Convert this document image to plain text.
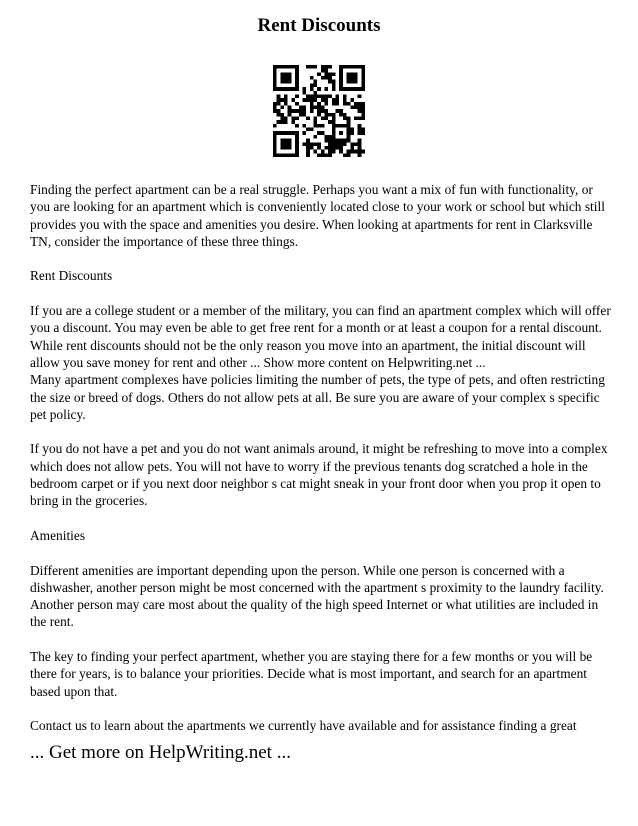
Rent Discounts

Finding the perfect apartment can be a real struggle. Perhaps you want a mix of fun with functionality, or you are looking for an apartment which is conveniently located close to your work or school but which still provides you with the space and amenities you desire. When looking at apartments for rent in Clarksville TN, consider the importance of these three things.

Rent Discounts

If you are a college student or a member of the military, you can find an apartment complex which will offer you a discount. You may even be able to get free rent for a month or at least a coupon for a rental discount. While rent discounts should not be the only reason you move into an apartment, the initial discount will allow you save money for rent and other ... Show more content on Helpwriting.net ...

Many apartment complexes have policies limiting the number of pets, the type of pets, and often restricting the size or breed of dogs. Others do not allow pets at all. Be sure you are aware of your complex s specific pet policy.

If you do not have a pet and you do not want animals around, it might be refreshing to move into a complex which does not allow pets. You will not have to worry if the previous tenants dog scratched a hole in the bedroom carpet or if you next door neighbor s cat might sneak in your front door when you prop it open to bring in the groceries.

Amenities

Different amenities are important depending upon the person. While one person is concerned with a dishwasher, another person might be most concerned with the apartment s proximity to the laundry facility. Another person may care most about the quality of the high speed Internet or what utilities are included in the rent.

The key to finding your perfect apartment, whether you are staying there for a few months or you will be there for years, is to balance your priorities. Decide what is most important, and search for an apartment based upon that.

Contact us to learn about the apartments we currently have available and for assistance finding a great

... Get more on HelpWriting.net ...
